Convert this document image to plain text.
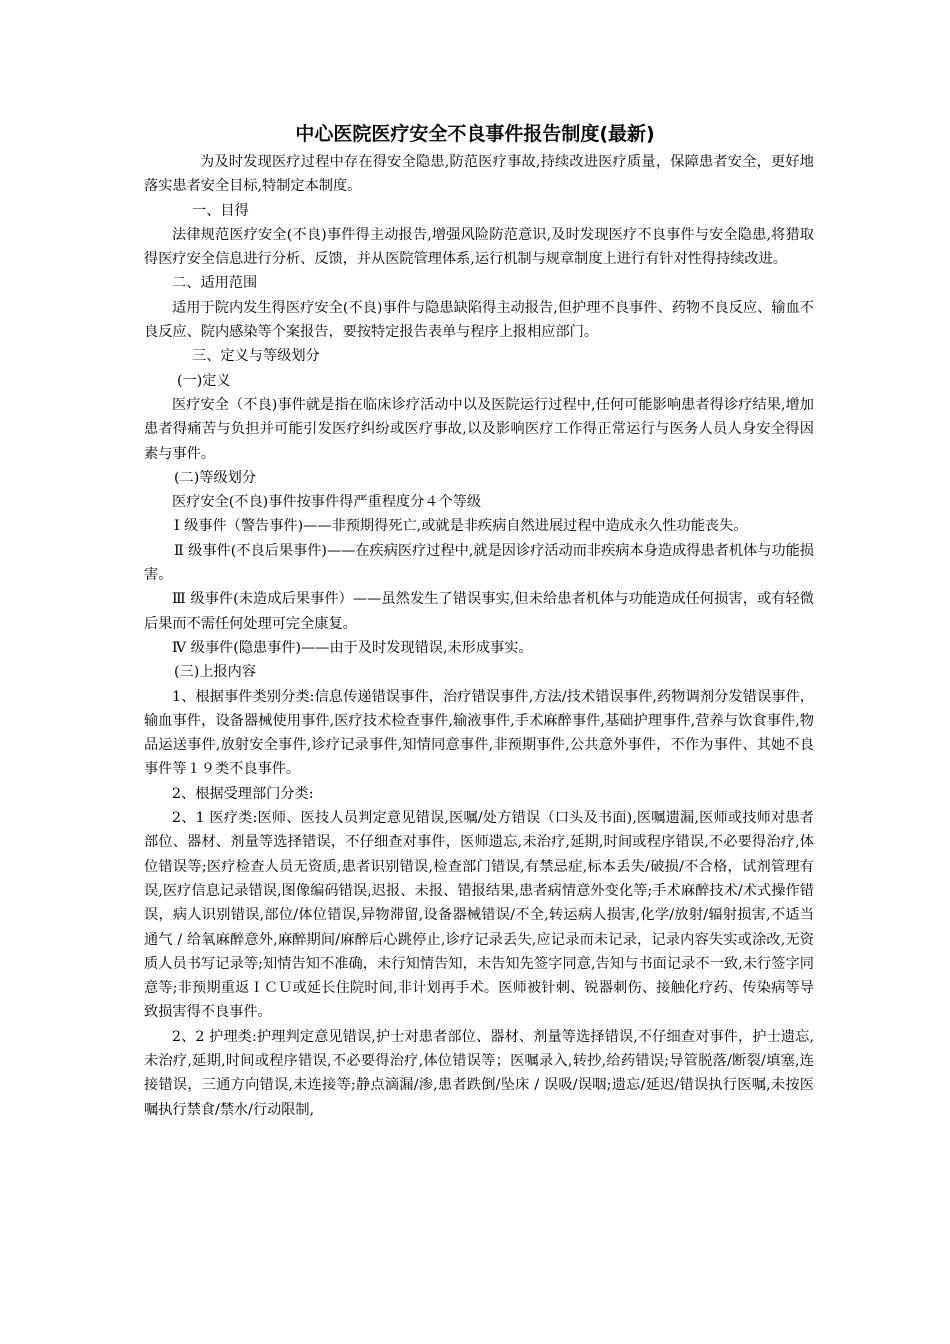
中心医院医疗安全不良事件报告制度(最新)

为及时发现医疗过程中存在得安全隐患,防范医疗事故,持续改进医疗质量，保障患者安全，更好地落实患者安全目标,特制定本制度。

一、目得

法律规范医疗安全(不良)事件得主动报告,增强风险防范意识,及时发现医疗不良事件与安全隐患,将猎取得医疗安全信息进行分析、反馈，并从医院管理体系,运行机制与规章制度上进行有针对性得持续改进。

二、适用范围

适用于院内发生得医疗安全(不良)事件与隐患缺陷得主动报告,但护理不良事件、药物不良反应、输血不良反应、院内感染等个案报告，要按特定报告表单与程序上报相应部门。

三、定义与等级划分

(一)定义

医疗安全（不良)事件就是指在临床诊疗活动中以及医院运行过程中,任何可能影响患者得诊疗结果,增加患者得痛苦与负担并可能引发医疗纠纷或医疗事故,以及影响医疗工作得正常运行与医务人员人身安全得因素与事件。

(二)等级划分

医疗安全(不良)事件按事件得严重程度分４个等级

Ⅰ 级事件（警告事件)——非预期得死亡,或就是非疾病自然进展过程中造成永久性功能丧失。

Ⅱ 级事件(不良后果事件)——在疾病医疗过程中,就是因诊疗活动而非疾病本身造成得患者机体与功能损害。

Ⅲ 级事件(未造成后果事件）——虽然发生了错误事实,但未给患者机体与功能造成任何损害，或有轻微后果而不需任何处理可完全康复。

Ⅳ 级事件(隐患事件)——由于及时发现错误,未形成事实。

(三)上报内容

1、根据事件类别分类:信息传递错误事件，治疗错误事件,方法/技术错误事件,药物调剂分发错误事件，输血事件，设备器械使用事件,医疗技术检查事件,输液事件,手术麻醉事件,基础护理事件,营养与饮食事件,物品运送事件,放射安全事件,诊疗记录事件,知情同意事件,非预期事件,公共意外事件，不作为事件、其她不良事件等１９类不良事件。

2、根据受理部门分类:

2、1 医疗类:医师、医技人员判定意见错误,医嘱/处方错误（口头及书面),医嘱遗漏,医师或技师对患者部位、器材、剂量等选择错误，不仔细查对事件，医师遗忘,未治疗,延期,时间或程序错误,不必要得治疗,体位错误等;医疗检查人员无资质,患者识别错误,检查部门错误,有禁忌症,标本丢失/破损/不合格，试剂管理有误,医疗信息记录错误,图像编码错误,迟报、未报、错报结果,患者病情意外变化等;手术麻醉技术/术式操作错误，病人识别错误,部位/体位错误,异物滞留,设备器械错误/不全,转运病人损害,化学/放射/辐射损害,不适当通气 / 给氧麻醉意外,麻醉期间/麻醉后心跳停止,诊疗记录丢失,应记录而未记录，记录内容失实或涂改,无资质人员书写记录等;知情告知不准确，未行知情告知，未告知先签字同意,告知与书面记录不一致,未行签字同意等;非预期重返ＩＣＵ或延长住院时间,非计划再手术。医师被针刺、锐器刺伤、接触化疗药、传染病等导致损害得不良事件。

2、2 护理类:护理判定意见错误,护士对患者部位、器材、剂量等选择错误,不仔细查对事件，护士遗忘,未治疗,延期,时间或程序错误,不必要得治疗,体位错误等；医嘱录入,转抄,给药错误;导管脱落/断裂/填塞,连接错误，三通方向错误,未连接等;静点滴漏/渗,患者跌倒/坠床 / 误吸/误咽;遗忘/延迟/错误执行医嘱,未按医嘱执行禁食/禁水/行动限制,
